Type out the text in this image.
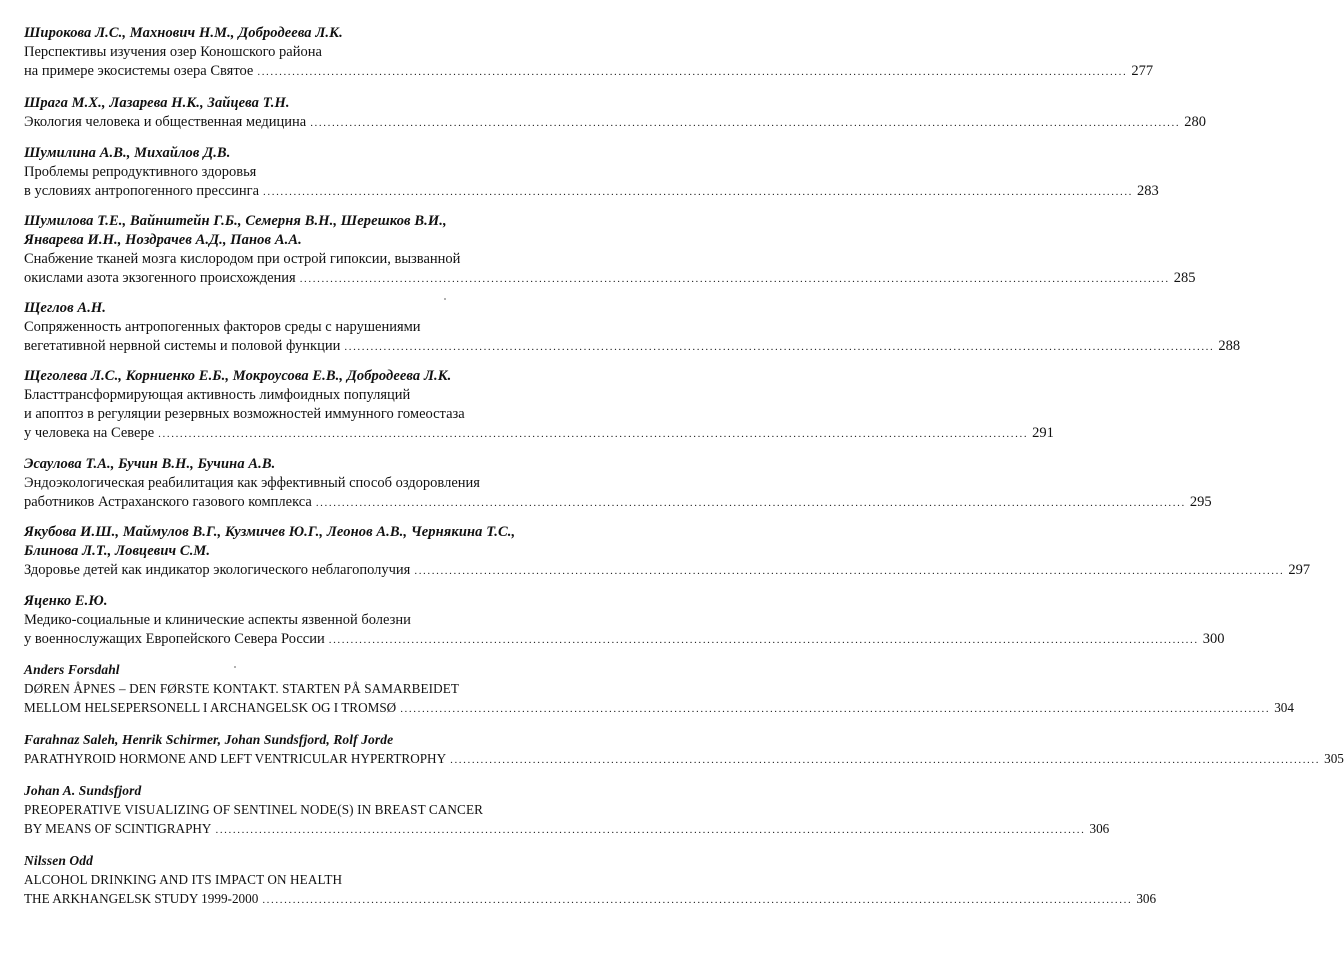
Широкова Л.С., Махнович Н.М., Добродеева Л.К.
Перспективы изучения озер Коношского района
на примере экосистемы озера Святое ........................................................................................................................................................................................................ 277
Шрага М.Х., Лазарева Н.К., Зайцева Т.Н.
Экология человека и общественная медицина ........................................................................................................................................................................................................ 280
Шумилина А.В., Михайлов Д.В.
Проблемы репродуктивного здоровья
в условиях антропогенного прессинга ........................................................................................................................................................................................................ 283
Шумилова Т.Е., Вайнштейн Г.Б., Семерня В.Н., Шерешков В.И.,
Январева И.Н., Ноздрачев А.Д., Панов А.А.
Снабжение тканей мозга кислородом при острой гипоксии, вызванной
окислами азота экзогенного происхождения ........................................................................................................................................................................................................ 285
Щеглов А.Н.
Сопряженность антропогенных факторов среды с нарушениями
вегетативной нервной системы и половой функции ........................................................................................................................................................................................................ 288
Щеголева Л.С., Корниенко Е.Б., Мокроусова Е.В., Добродеева Л.К.
Бласттрансформирующая активность лимфоидных популяций
и апоптоз в регуляции резервных возможностей иммунного гомеостаза
у человека на Севере ........................................................................................................................................................................................................ 291
Эсаулова Т.А., Бучин В.Н., Бучина А.В.
Эндоэкологическая реабилитация как эффективный способ оздоровления
работников Астраханского газового комплекса ........................................................................................................................................................................................................ 295
Якубова И.Ш., Маймулов В.Г., Кузмичев Ю.Г., Леонов А.В., Чернякина Т.С.,
Блинова Л.Т., Ловцевич С.М.
Здоровье детей как индикатор экологического неблагополучия ........................................................................................................................................................................................................ 297
Яценко Е.Ю.
Медико-социальные и клинические аспекты язвенной болезни
у военнослужащих Европейского Севера России ........................................................................................................................................................................................................ 300
Anders Forsdahl
DØREN ÅPNES – DEN FØRSTE KONTAKT. STARTEN PÅ SAMARBEIDET
MELLOM HELSEPERSONELL I ARCHANGELSK OG I TROMSØ ........................................................................................................................................................................................................ 304
Farahnaz Saleh, Henrik Schirmer, Johan Sundsfjord, Rolf Jorde
PARATHYROID HORMONE AND LEFT VENTRICULAR HYPERTROPHY ........................................................................................................................................................................................................ 305
Johan A. Sundsfjord
PREOPERATIVE VISUALIZING OF SENTINEL NODE(S) IN BREAST CANCER
BY MEANS OF SCINTIGRAPHY ........................................................................................................................................................................................................ 306
Nilssen Odd
ALCOHOL DRINKING AND ITS IMPACT ON HEALTH
THE ARKHANGELSK STUDY 1999-2000 ........................................................................................................................................................................................................ 306
